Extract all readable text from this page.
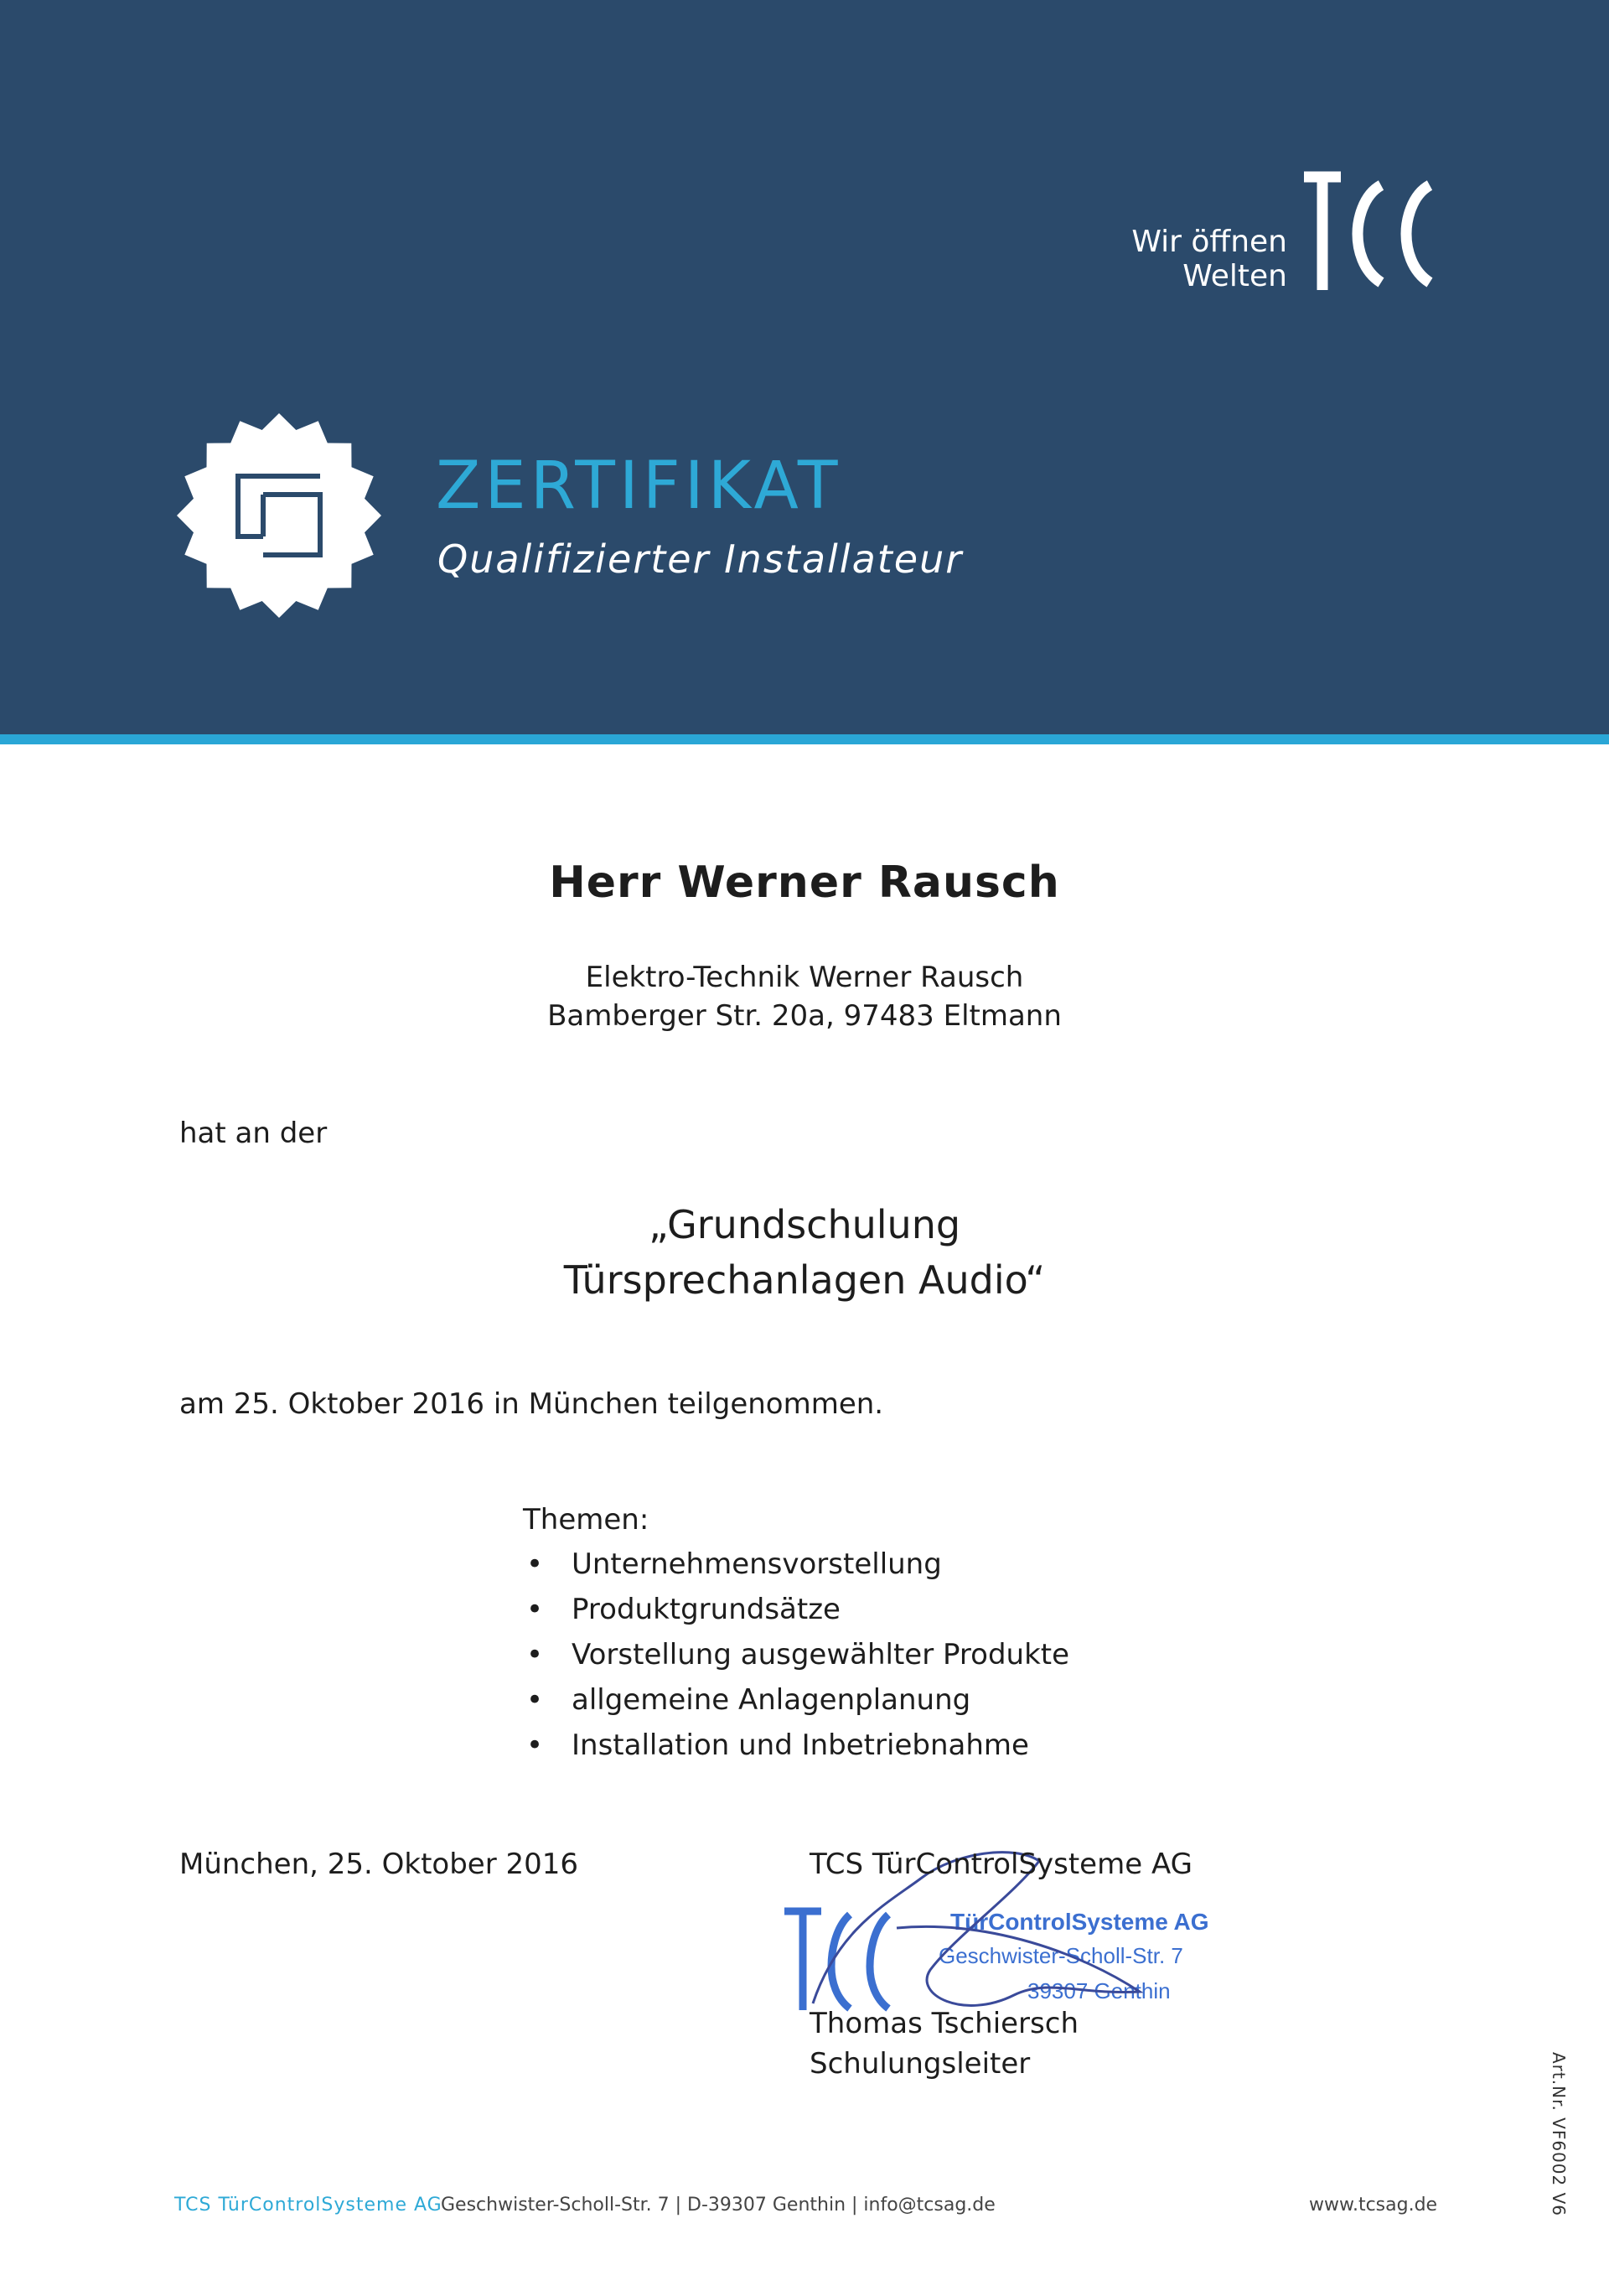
Wir öffnen
Welten
ZERTIFIKAT
Qualifizierter Installateur
Herr Werner Rausch
Elektro-Technik Werner Rausch
Bamberger Str. 20a, 97483 Eltmann
hat an der
„Grundschulung
Türsprechanlagen Audio“
am 25. Oktober 2016 in München teilgenommen.
Themen:
• Unternehmensvorstellung
• Produktgrundsätze
• Vorstellung ausgewählter Produkte
• allgemeine Anlagenplanung
• Installation und Inbetriebnahme
München, 25. Oktober 2016
TürControlSysteme AG
Geschwister-Scholl-Str. 7
39307 Genthin
TCS TürControlSysteme AG
Thomas Tschiersch
Schulungsleiter
TCS TürControlSysteme AG
Geschwister-Scholl-Str. 7 | D-39307 Genthin | info@tcsag.de	www.tcsag.de	Art.Nr. VF6002 V6
